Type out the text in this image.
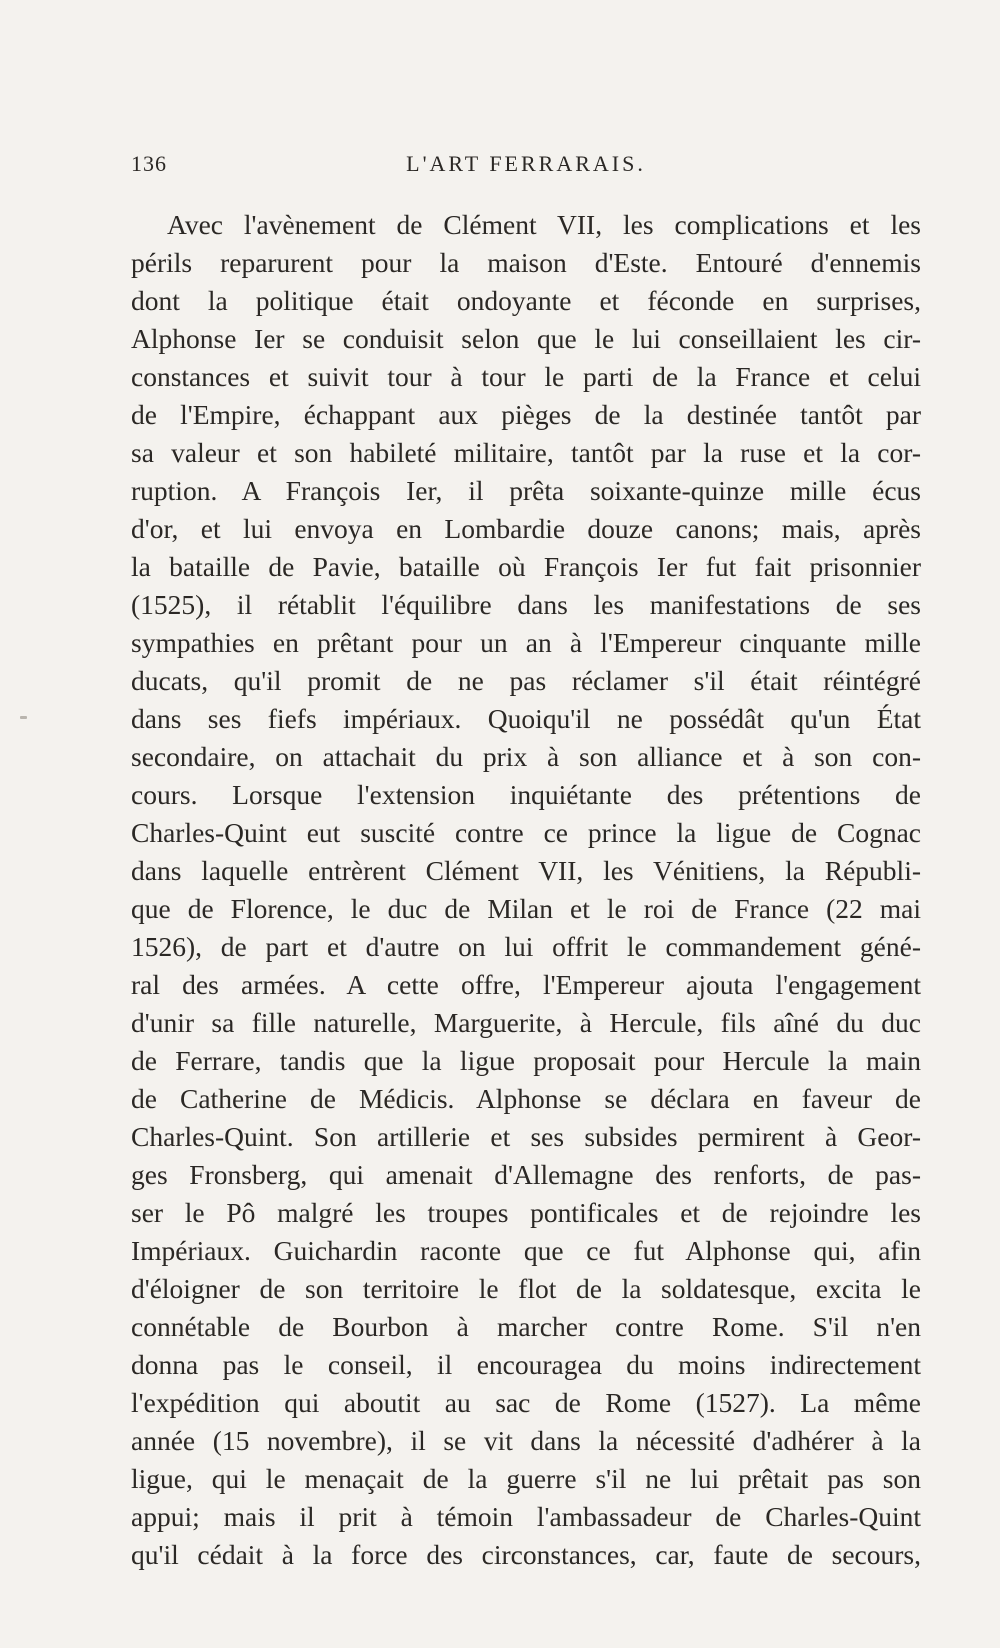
136	L'ART FERRARAIS.
Avec l'avènement de Clément VII, les complications et les
périls reparurent pour la maison d'Este. Entouré d'ennemis
dont la politique était ondoyante et féconde en surprises,
Alphonse Ier se conduisit selon que le lui conseillaient les cir-
constances et suivit tour à tour le parti de la France et celui
de l'Empire, échappant aux pièges de la destinée tantôt par
sa valeur et son habileté militaire, tantôt par la ruse et la cor-
ruption. A François Ier, il prêta soixante-quinze mille écus
d'or, et lui envoya en Lombardie douze canons; mais, après
la bataille de Pavie, bataille où François Ier fut fait prisonnier
(1525), il rétablit l'équilibre dans les manifestations de ses
sympathies en prêtant pour un an à l'Empereur cinquante mille
ducats, qu'il promit de ne pas réclamer s'il était réintégré
dans ses fiefs impériaux. Quoiqu'il ne possédât qu'un État
secondaire, on attachait du prix à son alliance et à son con-
cours. Lorsque l'extension inquiétante des prétentions de
Charles-Quint eut suscité contre ce prince la ligue de Cognac
dans laquelle entrèrent Clément VII, les Vénitiens, la Républi-
que de Florence, le duc de Milan et le roi de France (22 mai
1526), de part et d'autre on lui offrit le commandement géné-
ral des armées. A cette offre, l'Empereur ajouta l'engagement
d'unir sa fille naturelle, Marguerite, à Hercule, fils aîné du duc
de Ferrare, tandis que la ligue proposait pour Hercule la main
de Catherine de Médicis. Alphonse se déclara en faveur de
Charles-Quint. Son artillerie et ses subsides permirent à Geor-
ges Fronsberg, qui amenait d'Allemagne des renforts, de pas-
ser le Pô malgré les troupes pontificales et de rejoindre les
Impériaux. Guichardin raconte que ce fut Alphonse qui, afin
d'éloigner de son territoire le flot de la soldatesque, excita le
connétable de Bourbon à marcher contre Rome. S'il n'en
donna pas le conseil, il encouragea du moins indirectement
l'expédition qui aboutit au sac de Rome (1527). La même
année (15 novembre), il se vit dans la nécessité d'adhérer à la
ligue, qui le menaçait de la guerre s'il ne lui prêtait pas son
appui; mais il prit à témoin l'ambassadeur de Charles-Quint
qu'il cédait à la force des circonstances, car, faute de secours,
